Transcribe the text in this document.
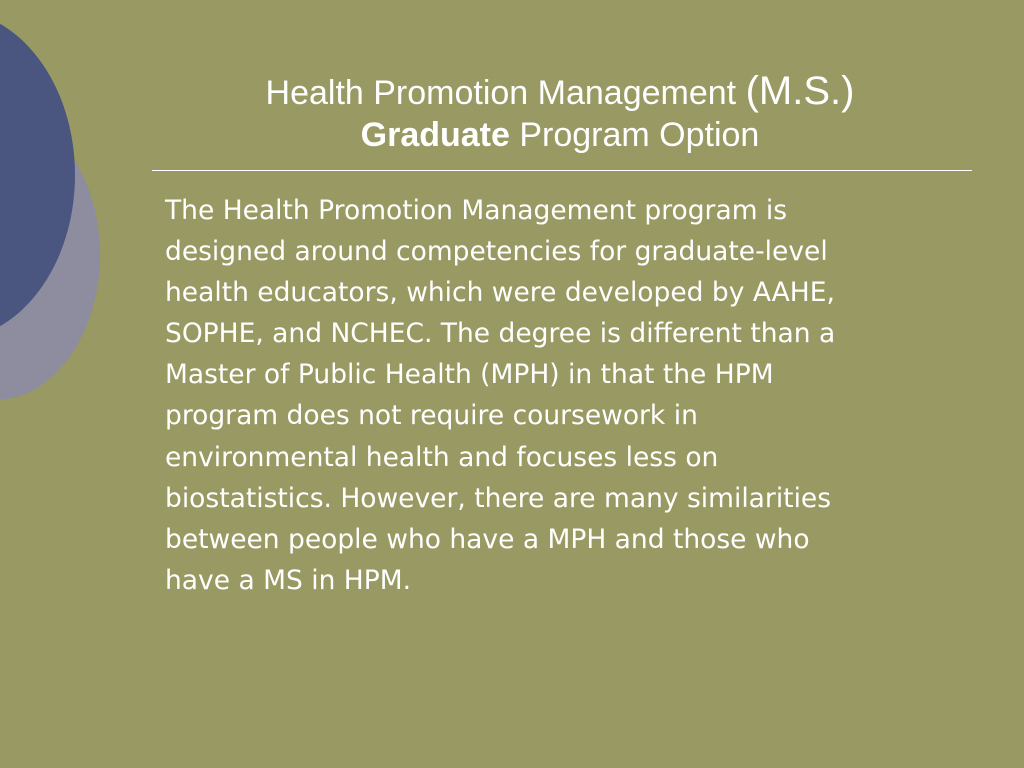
Health Promotion Management (M.S.)
Graduate Program Option
The Health Promotion Management program is
designed around competencies for graduate-level
health educators, which were developed by AAHE,
SOPHE, and NCHEC. The degree is different than a
Master of Public Health (MPH) in that the HPM
program does not require coursework in
environmental health and focuses less on
biostatistics. However, there are many similarities
between people who have a MPH and those who
have a MS in HPM.
